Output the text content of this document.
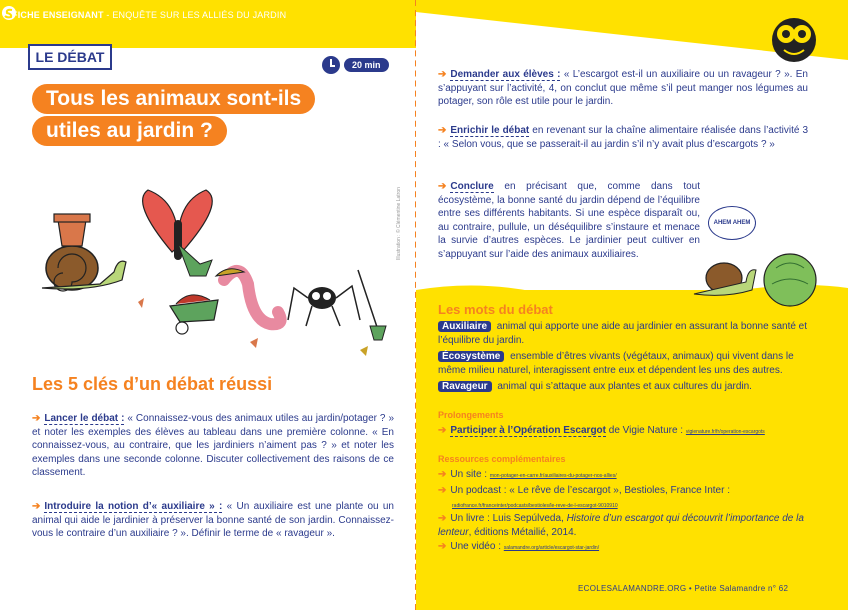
FICHE ENSEIGNANT - ENQUÊTE SUR LES ALLIÉS DU JARDIN
LE DÉBAT	20 min
Tous les animaux sont-ils
utiles au jardin ?
Illustration : © Clémentine Latron
Les 5 clés d’un débat réussi
➔ Lancer le débat : « Connaissez-vous des animaux utiles au jardin/potager ? » et noter les exemples des élèves au tableau dans une première colonne. « En connaissez-vous, au contraire, que les jardiniers n’aiment pas ? » et noter les exemples dans une seconde colonne. Discuter collectivement des raisons de ce classement.
➔ Introduire la notion d’« auxiliaire » : « Un auxiliaire est une plante ou un animal qui aide le jardinier à préserver la bonne santé de son jardin. Connaissez-vous le contraire d’un auxiliaire ? ». Définir le terme de « ravageur ».
➔ Demander aux élèves : « L’escargot est-il un auxiliaire ou un ravageur ? ». En s’appuyant sur l’activité, 4, on conclut que même s’il peut manger nos légumes au potager, son rôle est utile pour le jardin.
➔ Enrichir le débat en revenant sur la chaîne alimentaire réalisée dans l’activité 3 : « Selon vous, que se passerait-il au jardin s’il n’y avait plus d’escargots ? »
➔ Conclure en précisant que, comme dans tout écosystème, la bonne santé du jardin dépend de l’équilibre entre ses différents habitants. Si une espèce disparaît ou, au contraire, pullule, un déséquilibre s’instaure et menace la survie d’autres espèces. Le jardinier peut cultiver en s’appuyant sur l’aide des animaux auxiliaires.
AHEM AHEM
Les mots du débat
Auxiliaire animal qui apporte une aide au jardinier en assurant la bonne santé et l’équilibre du jardin.
Écosystème ensemble d’êtres vivants (végétaux, animaux) qui vivent dans le même milieu naturel, interagissent entre eux et dépendent les uns des autres.
Ravageur animal qui s’attaque aux plantes et aux cultures du jardin.
Prolongements
➔ Participer à l’Opération Escargot de Vigie Nature : vigienature.fr/fr/operation-escargots
Ressources complémentaires
➔ Un site : mon-potager-en-carre.fr/auxiliaires-du-potager-nos-allies/
➔ Un podcast : « Le rêve de l’escargot », Bestioles, France Inter :
radiofrance.fr/franceinter/podcasts/bestioles/le-reve-de-l-escargot-9010910
➔ Un livre : Luis Sepúlveda, Histoire d’un escargot qui découvrit l’importance de la lenteur, éditions Métailié, 2014.
➔ Une vidéo : salamandre.org/article/escargot-star-jardin/
ECOLESALAMANDRE.ORG • Petite Salamandre n° 62
